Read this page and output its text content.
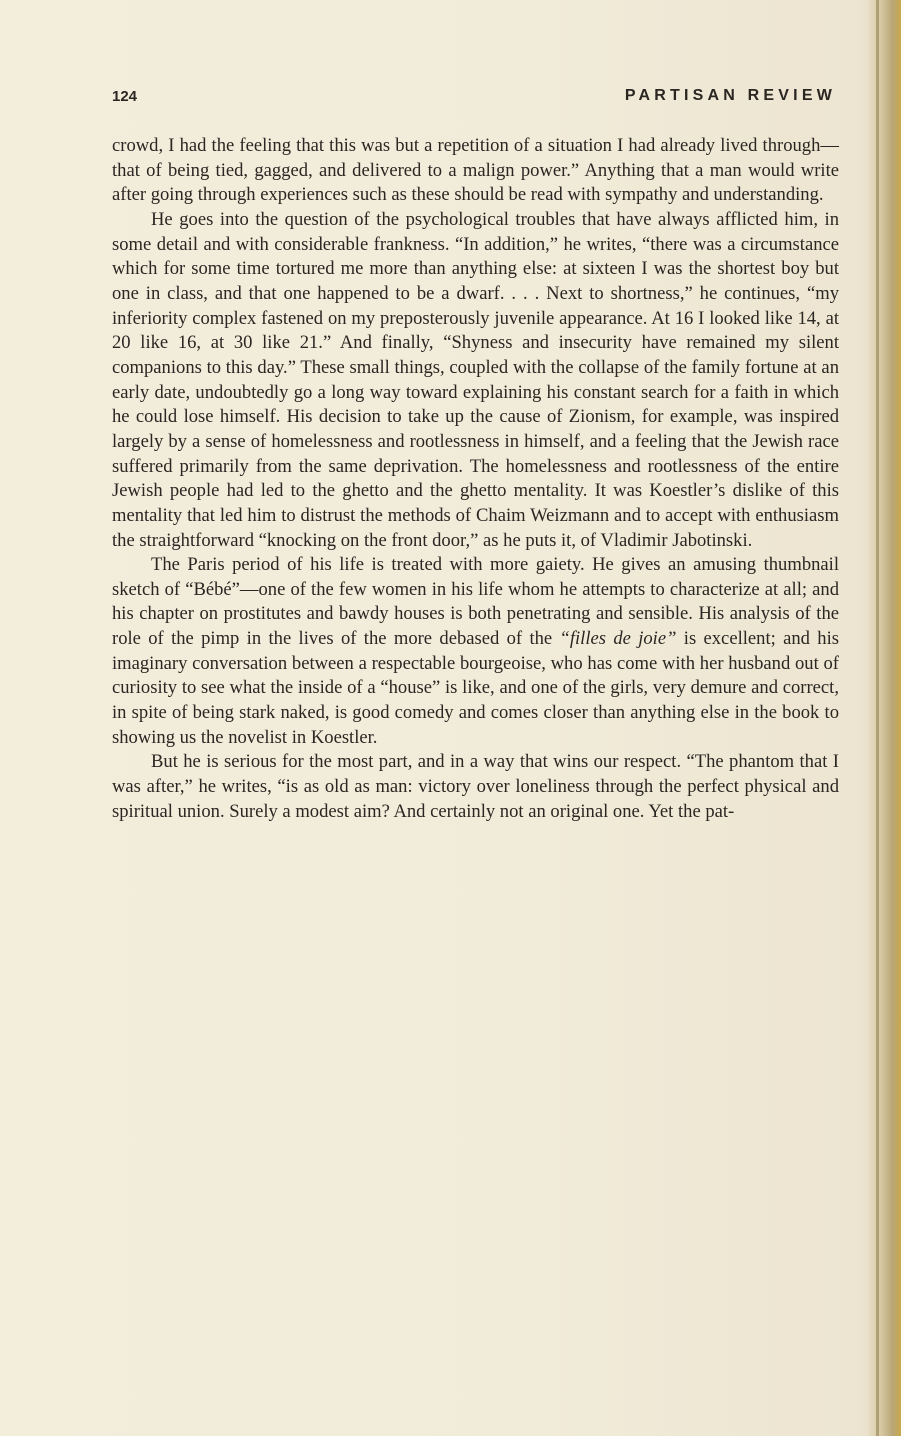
124	PARTISAN REVIEW

crowd, I had the feeling that this was but a repetition of a situation I had already lived through—that of being tied, gagged, and delivered to a malign power.” Anything that a man would write after going through experiences such as these should be read with sympathy and understanding.

He goes into the question of the psychological troubles that have always afflicted him, in some detail and with considerable frankness. “In addition,” he writes, “there was a circumstance which for some time tortured me more than anything else: at sixteen I was the shortest boy but one in class, and that one happened to be a dwarf. . . . Next to shortness,” he continues, “my inferiority complex fastened on my preposterously juvenile appearance. At 16 I looked like 14, at 20 like 16, at 30 like 21.” And finally, “Shyness and insecurity have remained my silent companions to this day.” These small things, coupled with the collapse of the family fortune at an early date, undoubtedly go a long way toward explaining his constant search for a faith in which he could lose himself. His decision to take up the cause of Zionism, for example, was inspired largely by a sense of homelessness and rootlessness in himself, and a feeling that the Jewish race suffered primarily from the same deprivation. The homelessness and rootlessness of the entire Jewish people had led to the ghetto and the ghetto mentality. It was Koestler’s dislike of this mentality that led him to distrust the methods of Chaim Weizmann and to accept with enthusiasm the straightforward “knocking on the front door,” as he puts it, of Vladimir Jabotinski.

The Paris period of his life is treated with more gaiety. He gives an amusing thumbnail sketch of “Bébé”—one of the few women in his life whom he attempts to characterize at all; and his chapter on prostitutes and bawdy houses is both penetrating and sensible. His analysis of the role of the pimp in the lives of the more debased of the “filles de joie” is excellent; and his imaginary conversation between a respectable bourgeoise, who has come with her husband out of curiosity to see what the inside of a “house” is like, and one of the girls, very demure and correct, in spite of being stark naked, is good comedy and comes closer than anything else in the book to showing us the novelist in Koestler.

But he is serious for the most part, and in a way that wins our respect. “The phantom that I was after,” he writes, “is as old as man: victory over loneliness through the perfect physical and spiritual union. Surely a modest aim? And certainly not an original one. Yet the pat-
